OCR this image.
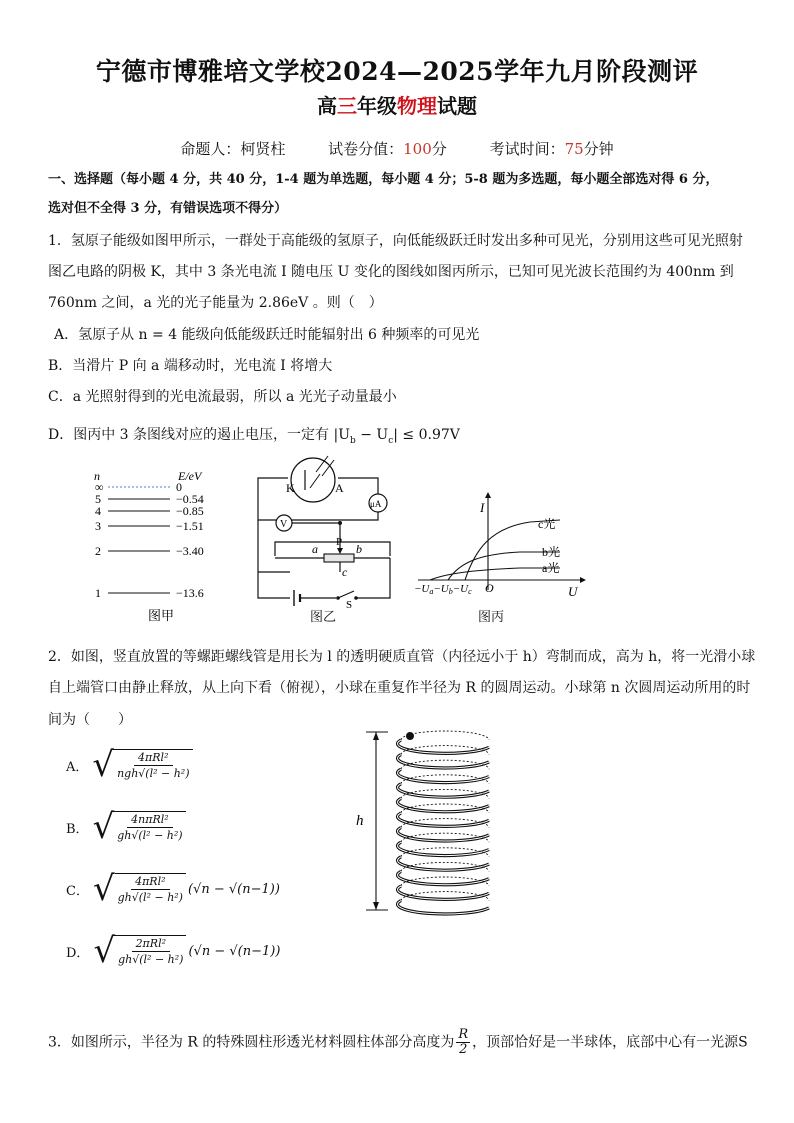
宁德市博雅培文学校2024—2025学年九月阶段测评
高三年级物理试题
命题人：柯贤柱	试卷分值：100分	考试时间：75分钟
一、选择题（每小题 4 分，共 40 分，1-4 题为单选题，每小题 4 分；5-8 题为多选题，每小题全部选对得 6 分，
选对但不全得 3 分，有错误选项不得分）
1．氢原子能级如图甲所示，一群处于高能级的氢原子，向低能级跃迁时发出多种可见光，分别用这些可见光照射
图乙电路的阴极 K，其中 3 条光电流 I 随电压 U 变化的图线如图丙所示，已知可见光波长范围约为 400nm 到
760nm 之间，a 光的光子能量为 2.86eV 。则（　）
A．氢原子从 n = 4 能级向低能级跃迁时能辐射出 6 种频率的可见光
B．当滑片 P 向 a 端移动时，光电流 I 将增大
C．a 光照射得到的光电流最弱，所以 a 光光子动量最小
D．图丙中 3 条图线对应的遏止电压，一定有 $|U_b - U_c| \le 0.97V$
n	E/eV
∞	0
5	−0.54
4	−0.85
3	−1.51
2	−3.40
1	−13.6
图甲
K	A
μA
V
a	b
P
c
S
图乙
I
U
O
c光
b光
a光
−Ua−Ub−Uc
图丙
2．如图，竖直放置的等螺距螺线管是用长为 l 的透明硬质直管（内径远小于 h）弯制而成，高为 h，将一光滑小球
自上端管口由静止释放，从上向下看（俯视），小球在重复作半径为 R 的圆周运动。小球第 n 次圆周运动所用的时
间为（　　）
A． √	4πRl²
ngh√(l² − h²)
B． √	4nπRl²
gh√(l² − h²)
C． √	4πRl²
gh√(l² − h²)
(√n − √(n−1))
D． √	2πRl²
gh√(l² − h²)
(√n − √(n−1))
h
3．如图所示，半径为 R 的特殊圆柱形透光材料圆柱体部分高度为 $\frac{R}{2}$ ，顶部恰好是一半球体，底部中心有一光源S
